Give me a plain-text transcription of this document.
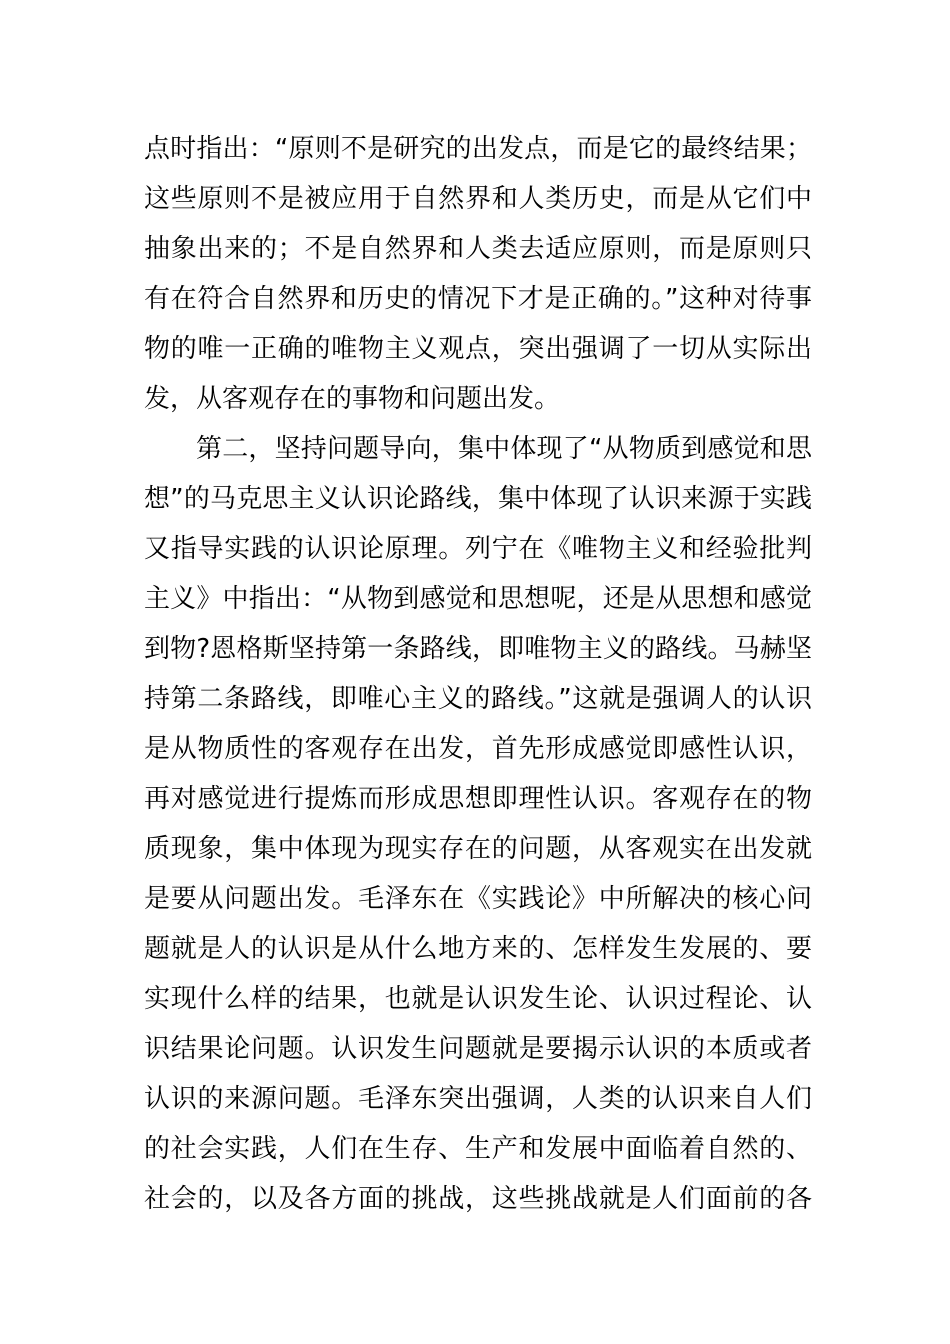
点时指出：“原则不是研究的出发点，而是它的最终结果；
这些原则不是被应用于自然界和人类历史，而是从它们中
抽象出来的；不是自然界和人类去适应原则，而是原则只
有在符合自然界和历史的情况下才是正确的。”这种对待事
物的唯一正确的唯物主义观点，突出强调了一切从实际出
发，从客观存在的事物和问题出发。
第二，坚持问题导向，集中体现了“从物质到感觉和思
想”的马克思主义认识论路线，集中体现了认识来源于实践
又指导实践的认识论原理。列宁在《唯物主义和经验批判
主义》中指出：“从物到感觉和思想呢，还是从思想和感觉
到物?恩格斯坚持第一条路线，即唯物主义的路线。马赫坚
持第二条路线，即唯心主义的路线。”这就是强调人的认识
是从物质性的客观存在出发，首先形成感觉即感性认识，
再对感觉进行提炼而形成思想即理性认识。客观存在的物
质现象，集中体现为现实存在的问题，从客观实在出发就
是要从问题出发。毛泽东在《实践论》中所解决的核心问
题就是人的认识是从什么地方来的、怎样发生发展的、要
实现什么样的结果，也就是认识发生论、认识过程论、认
识结果论问题。认识发生问题就是要揭示认识的本质或者
认识的来源问题。毛泽东突出强调，人类的认识来自人们
的社会实践，人们在生存、生产和发展中面临着自然的、
社会的，以及各方面的挑战，这些挑战就是人们面前的各
